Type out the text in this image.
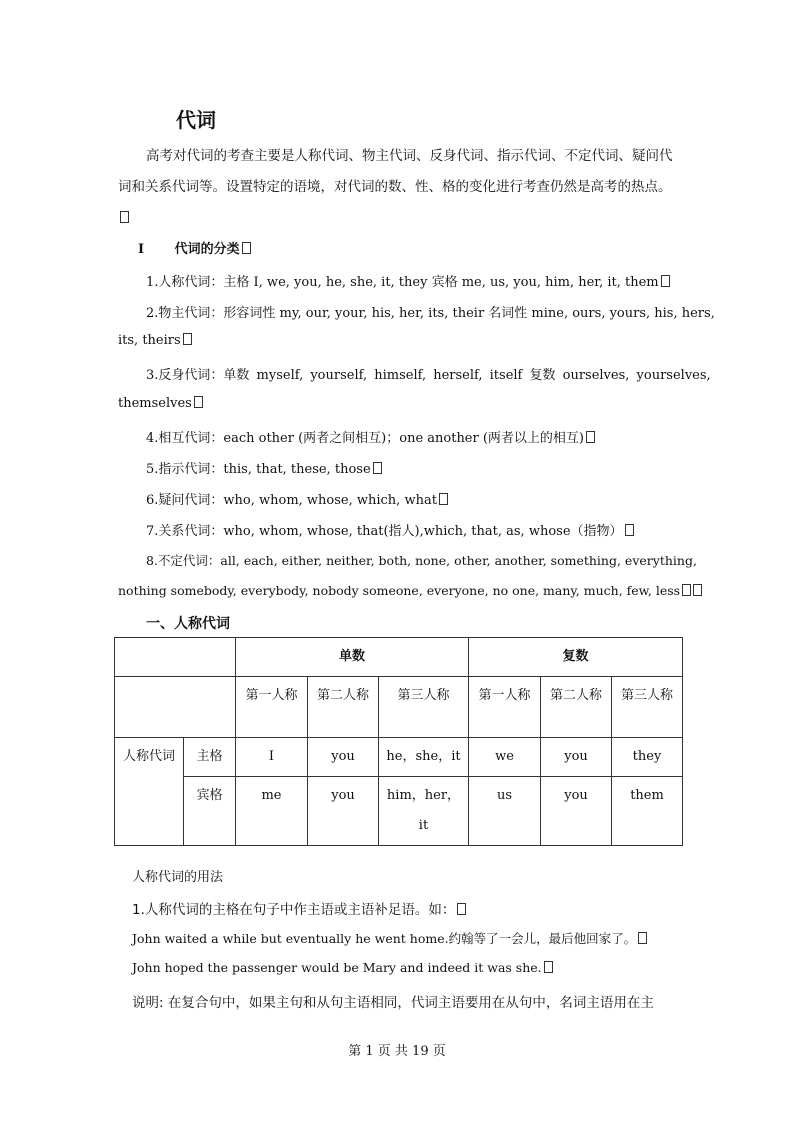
代词
高考对代词的考查主要是人称代词、物主代词、反身代词、指示代词、不定代词、疑问代词和关系代词等。设置特定的语境，对代词的数、性、格的变化进行考查仍然是高考的热点。
Ⅰ 代词的分类
1.人称代词：主格 I, we, you, he, she, it, they 宾格 me, us, you, him, her, it, them
2.物主代词：形容词性 my, our, your, his, her, its, their 名词性 mine, ours, yours, his, hers,
its, theirs
3.反身代词：单数 myself, yourself, himself, herself, itself 复数 ourselves, yourselves,
themselves
4.相互代词：each other (两者之间相互)；one another (两者以上的相互)
5.指示代词：this, that, these, those
6.疑问代词：who, whom, whose, which, what
7.关系代词：who, whom, whose, that(指人),which, that, as, whose（指物）
8.不定代词：all, each, either, neither, both, none, other, another, something, everything,
nothing somebody, everybody, nobody someone, everyone, no one, many, much, few, less
一、人称代词
		单数			复数		
		第一人称	第二人称	第三人称	第一人称	第二人称	第三人称
人称代词	主格	I	you	he，she，it	we	you	they
	宾格	me	you	him，her，it	us	you	them
人称代词的用法
1.人称代词的主格在句子中作主语或主语补足语。如：
John waited a while but eventually he went home.约翰等了一会儿，最后他回家了。
John hoped the passenger would be Mary and indeed it was she.
说明: 在复合句中，如果主句和从句主语相同，代词主语要用在从句中，名词主语用在主
第 1 页 共 19 页
